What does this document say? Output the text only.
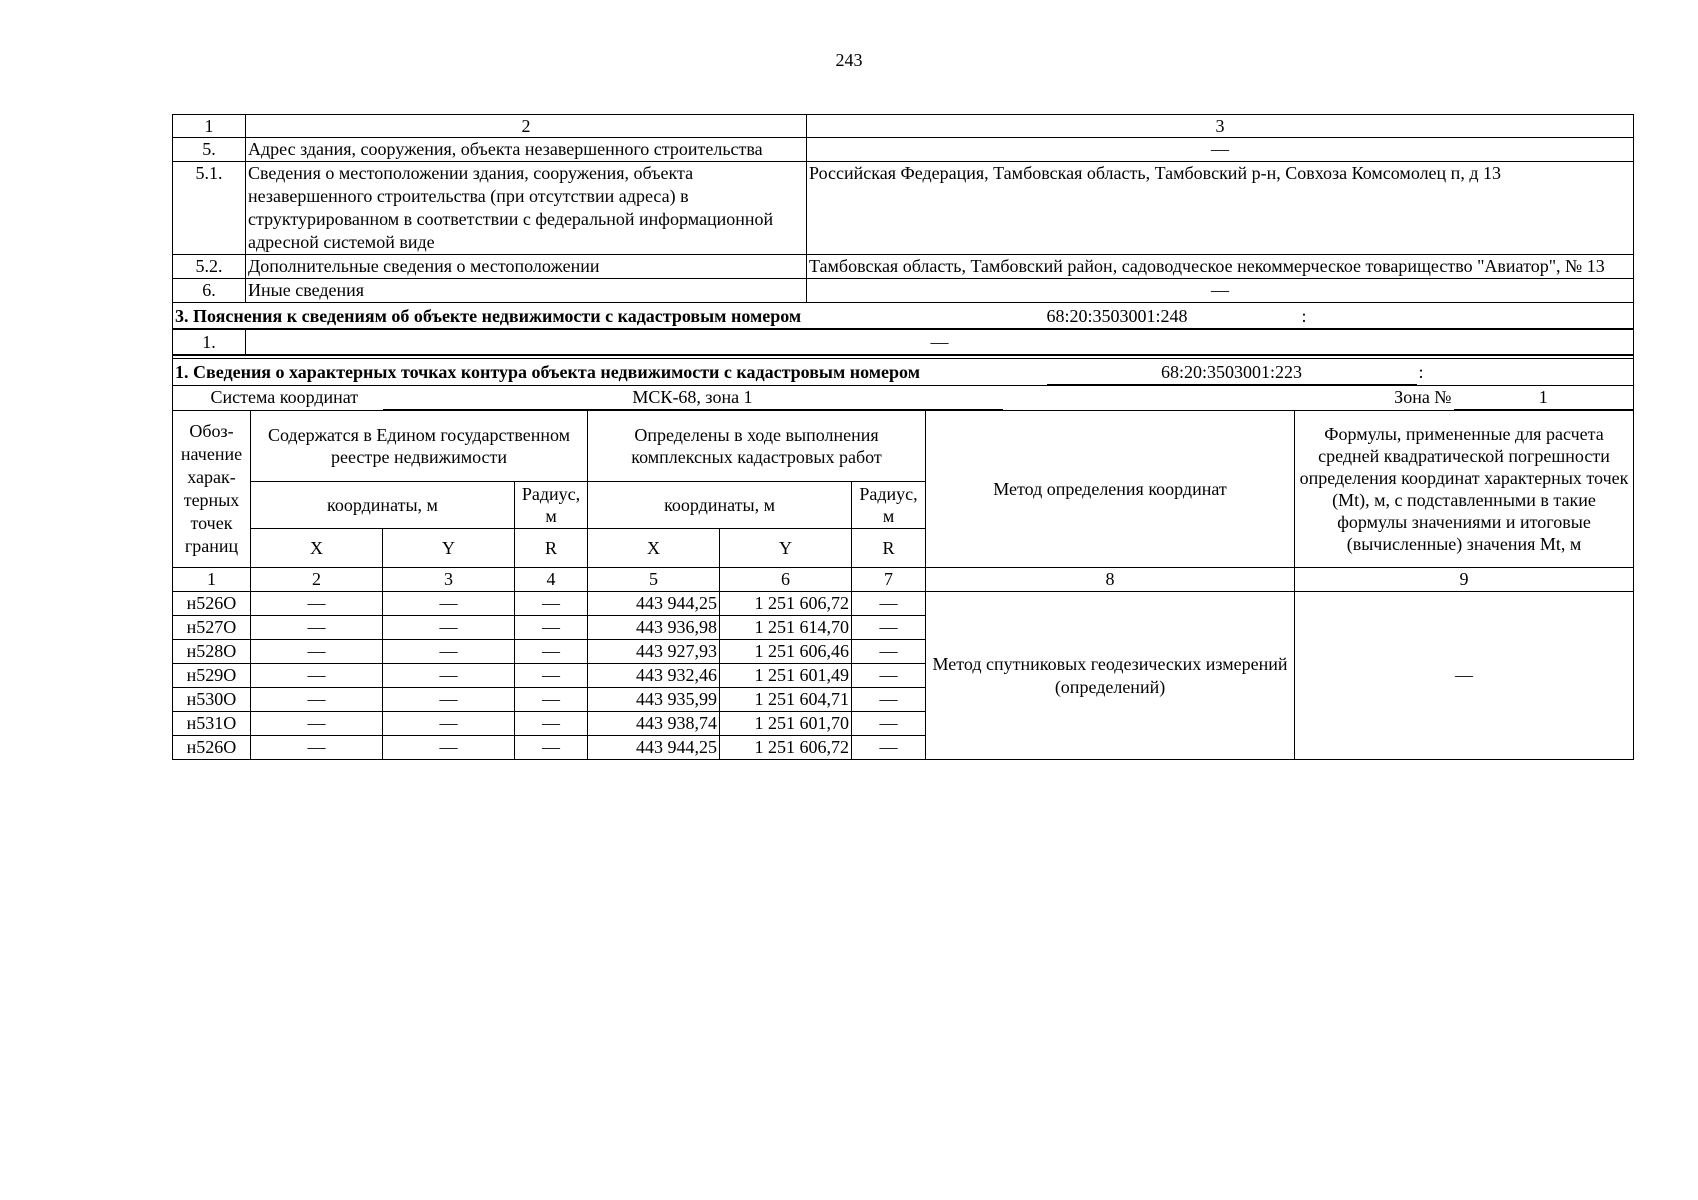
243
1	2	3
5.	Адрес здания, сооружения, объекта незавершенного строительства	—
5.1.	Сведения о местоположении здания, сооружения, объекта незавершенного строительства (при отсутствии адреса) в структурированном в соответствии с федеральной информационной адресной системой виде	Российская Федерация, Тамбовская область, Тамбовский р-н, Совхоза Комсомолец п, д 13
5.2.	Дополнительные сведения о местоположении	Тамбовская область, Тамбовский район, садоводческое некоммерческое товарищество "Авиатор", № 13
6.	Иные сведения	—
3. Пояснения к сведениям об объекте недвижимости с кадастровым номером	68:20:3503001:248	:
1.	—
1. Сведения о характерных точках контура объекта недвижимости с кадастровым номером	68:20:3503001:223	:
	Система координат	МСК-68, зона 1		Зона №	1
Обоз-начение харак-терных точек границ	Содержатся в Едином государственном реестре недвижимости			Определены в ходе выполнения комплексных кадастровых работ			Метод определения координат	Формулы, примененные для расчета средней квадратической погрешности определения координат характерных точек (Mt), м, с подставленными в такие формулы значениями и итоговые (вычисленные) значения Mt, м
	координаты, м		Радиус, м	координаты, м		Радиус, м		
	X	Y	R	X	Y	R		
1	2	3	4	5	6	7	8	9
н526О	—	—	—	443 944,25	1 251 606,72	—	Метод спутниковых геодезических измерений (определений)	—
н527О	—	—	—	443 936,98	1 251 614,70	—		
н528О	—	—	—	443 927,93	1 251 606,46	—		
н529О	—	—	—	443 932,46	1 251 601,49	—		
н530О	—	—	—	443 935,99	1 251 604,71	—		
н531О	—	—	—	443 938,74	1 251 601,70	—		
н526О	—	—	—	443 944,25	1 251 606,72	—		
